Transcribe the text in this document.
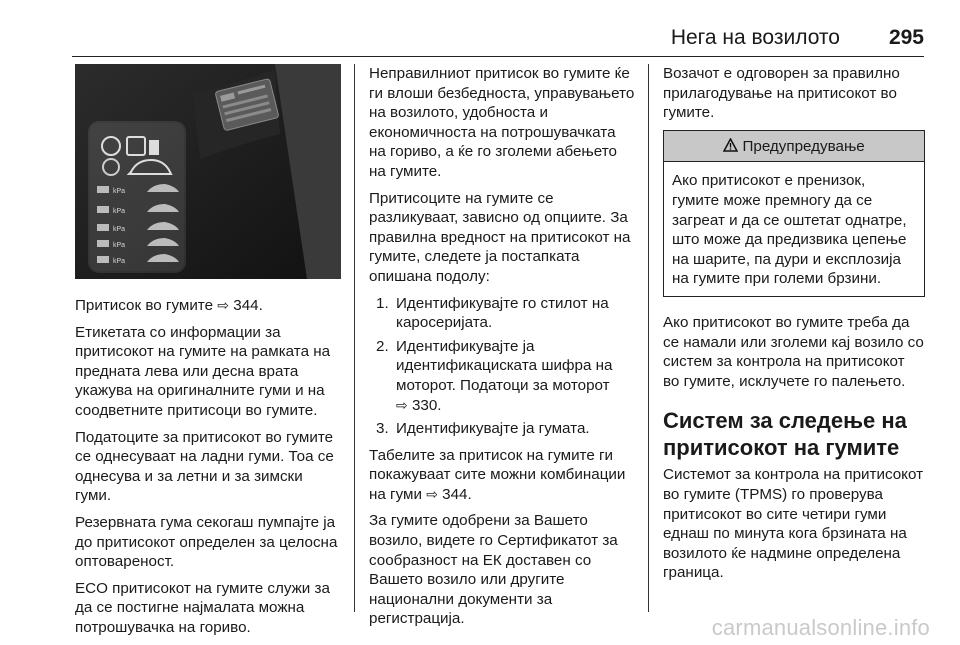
Нега на возилото 295
kPa
kPa
kPa
kPa
kPa

Притисок во гумите ⇨ 344.

Етикетата со информации за притисокот на гумите на рамката на предната лева или десна врата укажува на оригиналните гуми и на соодветните притисоци во гумите.

Податоците за притисокот во гумите се однесуваат на ладни гуми. Тоа се однесува и за летни и за зимски гуми.

Резервната гума секогаш пумпајте ја до притисокот определен за целосна оптовареност.

ECO притисокот на гумите служи за да се постигне најмалата можна потрошувачка на гориво.

Неправилниот притисок во гумите ќе ги влоши безбедноста, управувањето на возилото, удобноста и економичноста на потрошувачката на гориво, а ќе го зголеми абењето на гумите.

Притисоците на гумите се разликуваат, зависно од опциите. За правилна вредност на притисокот на гумите, следете ја постапката опишана подолу:

1. Идентификувајте го стилот на каросеријата.
2. Идентификувајте ја идентификацискaта шифра на моторот. Податоци за моторот
⇨ 330.
3. Идентификувајте ја гумата.

Табелите за притисок на гумите ги покажуваат сите можни комбинации на гуми ⇨ 344.

За гумите одобрени за Вашето возило, видете го Сертификатот за сообразност на ЕК доставен со Вашето возило или другите национални документи за регистрација.

Возачот е одговорен за правилно прилагодување на притисокот во гумите.

Предупредување
Ако притисокот е пренизок, гумите може премногу да се загреат и да се оштетат однатре, што може да предизвика цепење на шарите, па дури и експлозија на гумите при големи брзини.

Ако притисокот во гумите треба да се намали или зголеми кај возило со систем за контрола на притисокот во гумите, исклучете го палењето.

Систем за следење на притисокот на гумите

Системот за контрола на притисокот во гумите (TPMS) го проверува притисокот во сите четири гуми еднаш по минута кога брзината на возилото ќе надмине определена граница.

carmanualsonline.info
